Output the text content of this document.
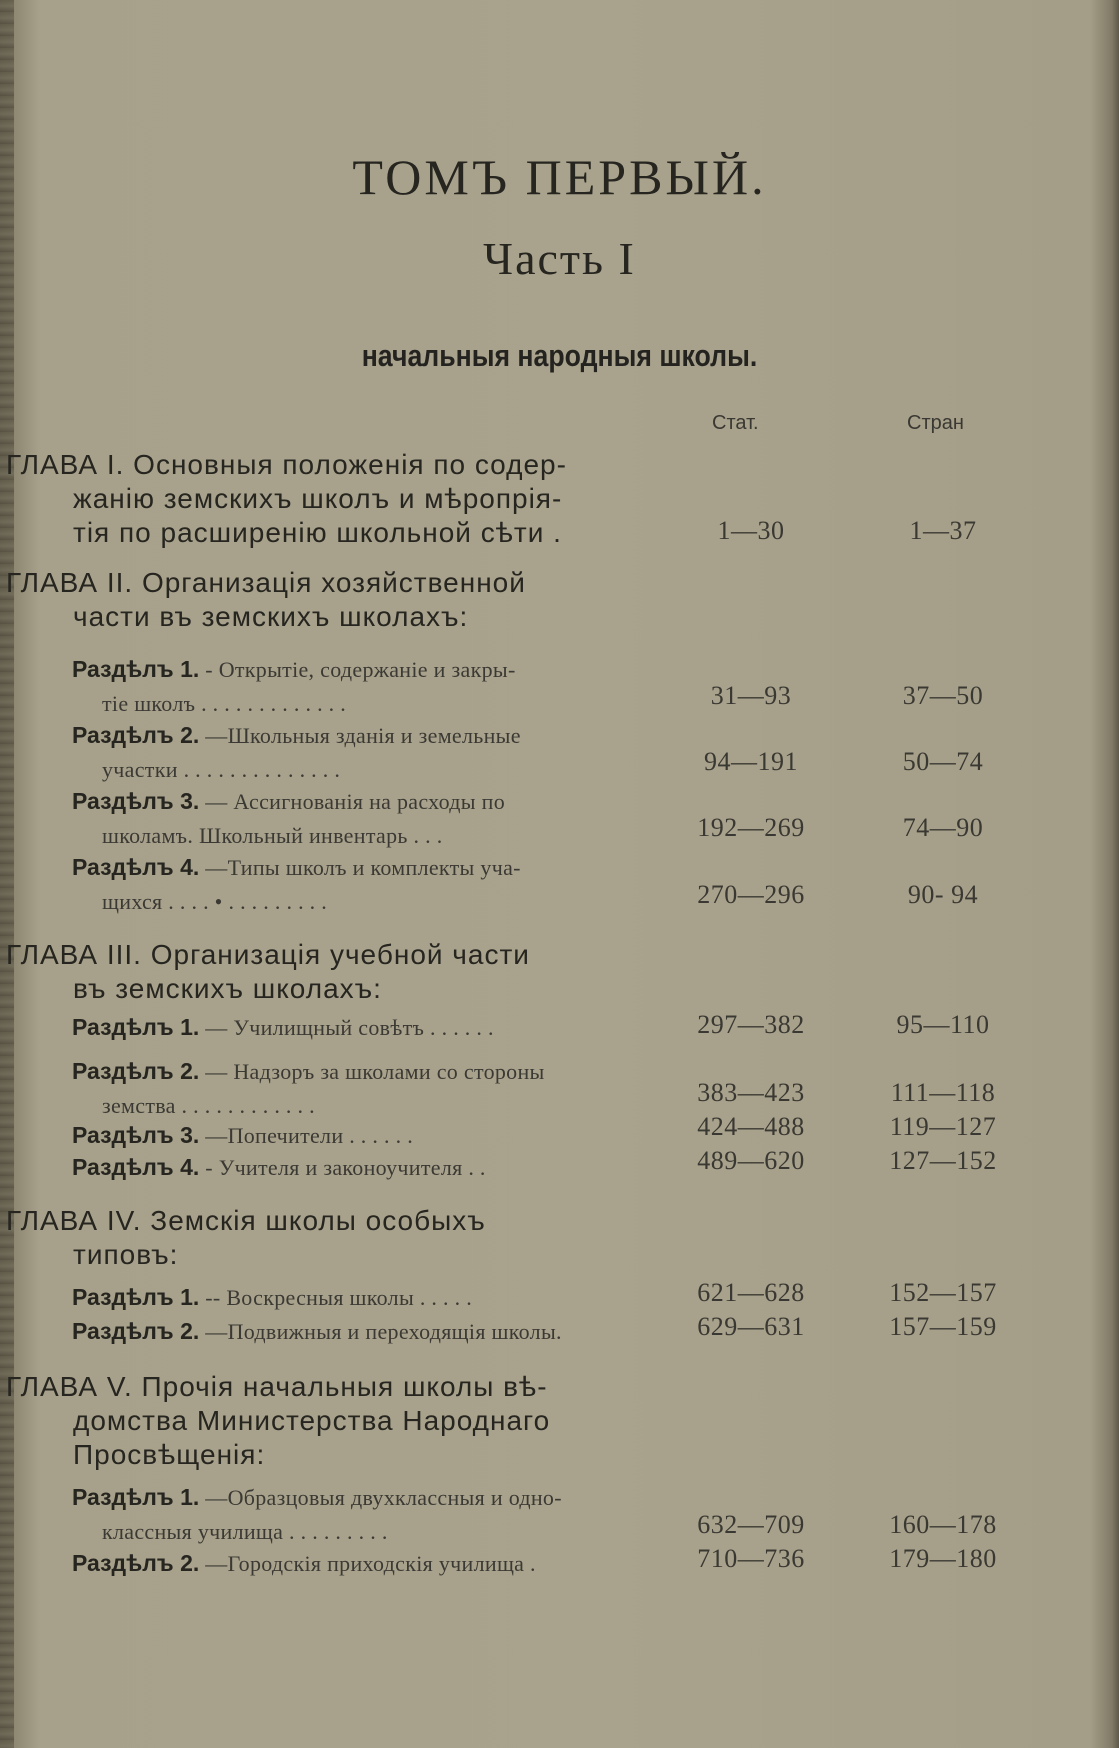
ТОМЪ ПЕРВЫЙ.
Часть I
начальныя народныя школы.
Стат.	Стран
ГЛАВА I. Основныя положенія по содер-
жанію земскихъ школъ и мѣропрія-
тія по расширенію школьной сѣти .	1—30	1—37
ГЛАВА II. Организація хозяйственной
части въ земскихъ школахъ:
Раздѣлъ 1. - Открытіе, содержаніе и закры-
тіе школъ . . . . . . . . . . . . .	31—93	37—50
Раздѣлъ 2. —Школьныя зданія и земельные
участки . . . . . . . . . . . . . .	94—191	50—74
Раздѣлъ 3. — Ассигнованія на расходы по
школамъ. Школьный инвентарь . . .	192—269	74—90
Раздѣлъ 4. —Типы школъ и комплекты уча-
щихся . . . . • . . . . . . . . .	270—296	90- 94
ГЛАВА III. Организація учебной части
въ земскихъ школахъ:
Раздѣлъ 1. — Училищный совѣтъ . . . . . .	297—382	95—110
Раздѣлъ 2. — Надзоръ за школами со стороны
земства . . . . . . . . . . . .	383—423	111—118
Раздѣлъ 3. —Попечители . . . . . .	424—488	119—127
Раздѣлъ 4. - Учителя и законоучителя . .	489—620	127—152
ГЛАВА IV. Земскія школы особыхъ
типовъ:
Раздѣлъ 1. -- Воскресныя школы . . . . .	621—628	152—157
Раздѣлъ 2. —Подвижныя и переходящія школы.	629—631	157—159
ГЛАВА V. Прочія начальныя школы вѣ-
домства Министерства Народнаго
Просвѣщенія:
Раздѣлъ 1. —Образцовыя двухклассныя и одно-
классныя училища . . . . . . . . .	632—709	160—178
Раздѣлъ 2. —Городскія приходскія училища .	710—736	179—180
